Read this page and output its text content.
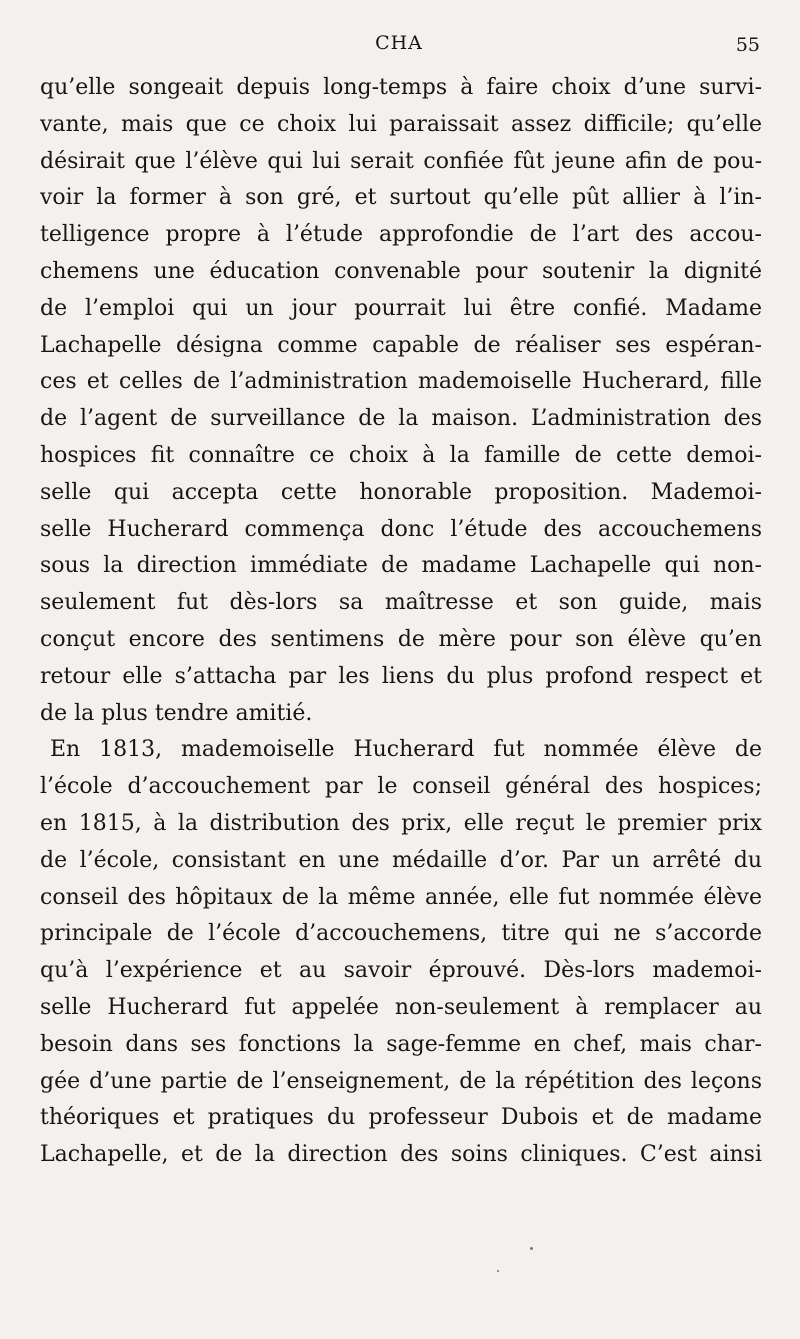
CHA	55
qu’elle songeait depuis long-temps à faire choix d’une survi-
vante, mais que ce choix lui paraissait assez difficile; qu’elle
désirait que l’élève qui lui serait confiée fût jeune afin de pou-
voir la former à son gré, et surtout qu’elle pût allier à l’in-
telligence propre à l’étude approfondie de l’art des accou-
chemens une éducation convenable pour soutenir la dignité
de l’emploi qui un jour pourrait lui être confié. Madame
Lachapelle désigna comme capable de réaliser ses espéran-
ces et celles de l’administration mademoiselle Hucherard, fille
de l’agent de surveillance de la maison. L’administration des
hospices fit connaître ce choix à la famille de cette demoi-
selle qui accepta cette honorable proposition. Mademoi-
selle Hucherard commença donc l’étude des accouchemens
sous la direction immédiate de madame Lachapelle qui non-
seulement fut dès-lors sa maîtresse et son guide, mais
conçut encore des sentimens de mère pour son élève qu’en
retour elle s’attacha par les liens du plus profond respect et
de la plus tendre amitié.
En 1813, mademoiselle Hucherard fut nommée élève de
l’école d’accouchement par le conseil général des hospices;
en 1815, à la distribution des prix, elle reçut le premier prix
de l’école, consistant en une médaille d’or. Par un arrêté du
conseil des hôpitaux de la même année, elle fut nommée élève
principale de l’école d’accouchemens, titre qui ne s’accorde
qu’à l’expérience et au savoir éprouvé. Dès-lors mademoi-
selle Hucherard fut appelée non-seulement à remplacer au
besoin dans ses fonctions la sage-femme en chef, mais char-
gée d’une partie de l’enseignement, de la répétition des leçons
théoriques et pratiques du professeur Dubois et de madame
Lachapelle, et de la direction des soins cliniques. C’est ainsi
